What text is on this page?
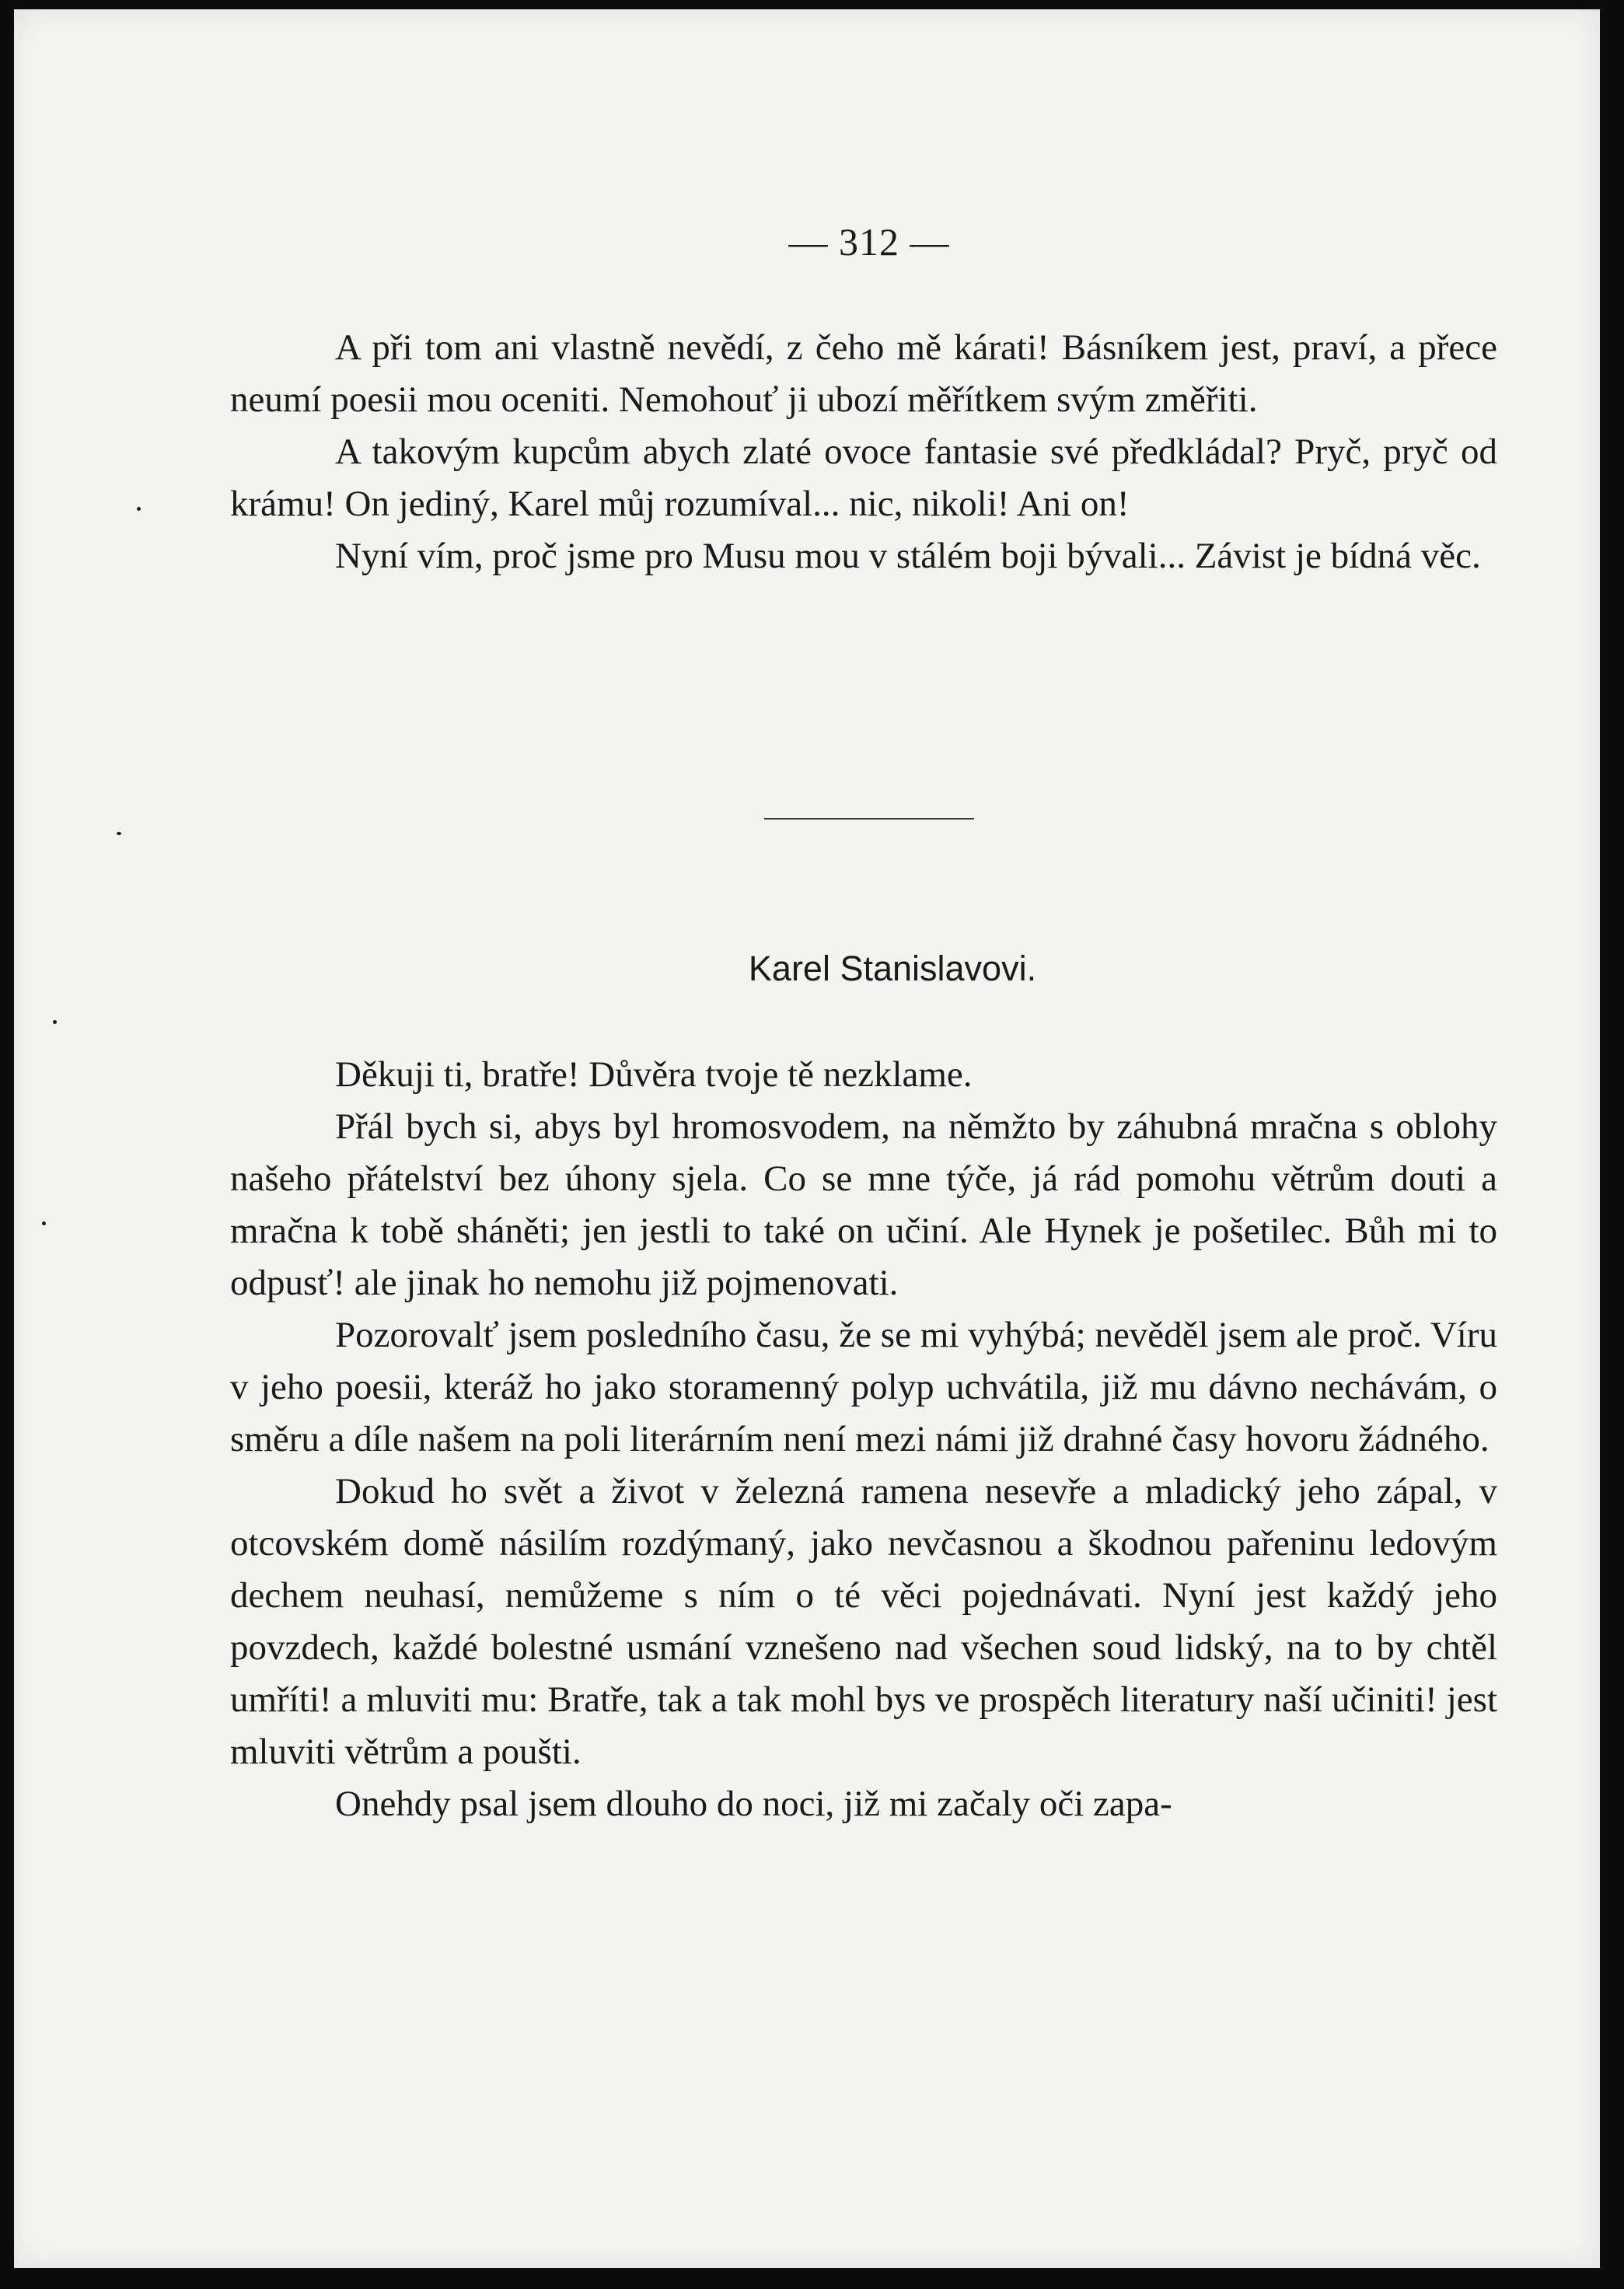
— 312 —

A při tom ani vlastně nevědí, z čeho mě kárati! Básníkem jest, praví, a přece neumí poesii mou oceniti. Nemohouť ji ubozí měřítkem svým změřiti.

A takovým kupcům abych zlaté ovoce fantasie své předkládal? Pryč, pryč od krámu! On jediný, Karel můj rozumíval... nic, nikoli! Ani on!

Nyní vím, proč jsme pro Musu mou v stálém boji bývali... Závist je bídná věc.

Karel Stanislavovi.

Děkuji ti, bratře! Důvěra tvoje tě nezklame.

Přál bych si, abys byl hromosvodem, na němžto by záhubná mračna s oblohy našeho přátelství bez úhony sjela. Co se mne týče, já rád pomohu větrům douti a mračna k tobě sháněti; jen jestli to také on učiní. Ale Hynek je pošetilec. Bůh mi to odpusť! ale jinak ho nemohu již pojmenovati.

Pozorovalť jsem posledního času, že se mi vyhýbá; nevěděl jsem ale proč. Víru v jeho poesii, kteráž ho jako storamenný polyp uchvátila, již mu dávno nechávám, o směru a díle našem na poli literárním není mezi námi již drahné časy hovoru žádného.

Dokud ho svět a život v železná ramena nesevře a mladický jeho zápal, v otcovském domě násilím rozdýmaný, jako nevčasnou a škodnou pařeninu ledovým dechem neuhasí, nemůžeme s ním o té věci pojednávati. Nyní jest každý jeho povzdech, každé bolestné usmání vznešeno nad všechen soud lidský, na to by chtěl umříti! a mluviti mu: Bratře, tak a tak mohl bys ve prospěch literatury naší učiniti! jest mluviti větrům a poušti.

Onehdy psal jsem dlouho do noci, již mi začaly oči zapa-
